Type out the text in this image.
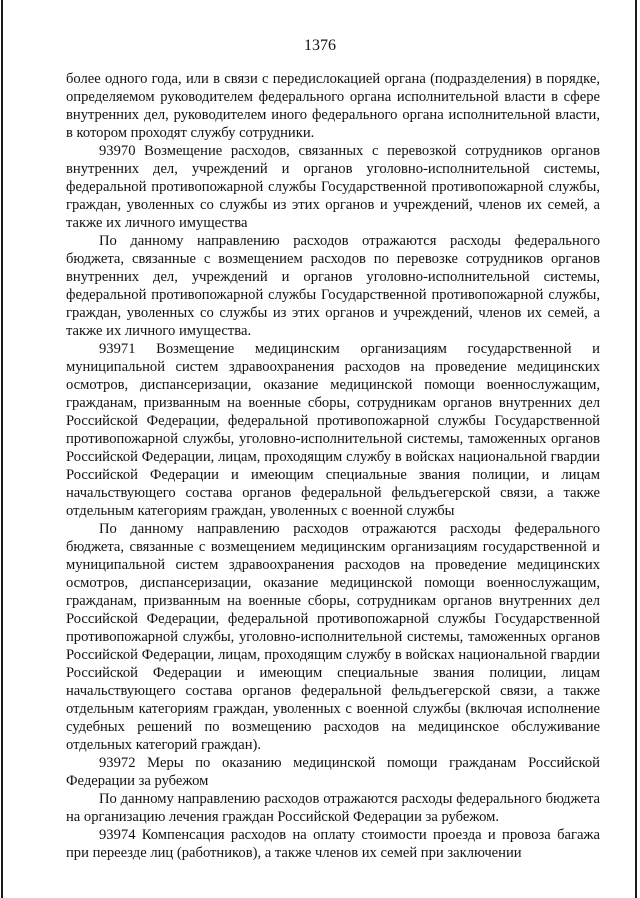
1376

более одного года, или в связи с передислокацией органа (подразделения) в порядке, определяемом руководителем федерального органа исполнительной власти в сфере внутренних дел, руководителем иного федерального органа исполнительной власти, в котором проходят службу сотрудники.

93970 Возмещение расходов, связанных с перевозкой сотрудников органов внутренних дел, учреждений и органов уголовно-исполнительной системы, федеральной противопожарной службы Государственной противопожарной службы, граждан, уволенных со службы из этих органов и учреждений, членов их семей, а также их личного имущества

По данному направлению расходов отражаются расходы федерального бюджета, связанные с возмещением расходов по перевозке сотрудников органов внутренних дел, учреждений и органов уголовно-исполнительной системы, федеральной противопожарной службы Государственной противопожарной службы, граждан, уволенных со службы из этих органов и учреждений, членов их семей, а также их личного имущества.

93971 Возмещение медицинским организациям государственной и муниципальной систем здравоохранения расходов на проведение медицинских осмотров, диспансеризации, оказание медицинской помощи военнослужащим, гражданам, призванным на военные сборы, сотрудникам органов внутренних дел Российской Федерации, федеральной противопожарной службы Государственной противопожарной службы, уголовно-исполнительной системы, таможенных органов Российской Федерации, лицам, проходящим службу в войсках национальной гвардии Российской Федерации и имеющим специальные звания полиции, и лицам начальствующего состава органов федеральной фельдъегерской связи, а также отдельным категориям граждан, уволенных с военной службы

По данному направлению расходов отражаются расходы федерального бюджета, связанные с возмещением медицинским организациям государственной и муниципальной систем здравоохранения расходов на проведение медицинских осмотров, диспансеризации, оказание медицинской помощи военнослужащим, гражданам, призванным на военные сборы, сотрудникам органов внутренних дел Российской Федерации, федеральной противопожарной службы Государственной противопожарной службы, уголовно-исполнительной системы, таможенных органов Российской Федерации, лицам, проходящим службу в войсках национальной гвардии Российской Федерации и имеющим специальные звания полиции, лицам начальствующего состава органов федеральной фельдъегерской связи, а также отдельным категориям граждан, уволенных с военной службы (включая исполнение судебных решений по возмещению расходов на медицинское обслуживание отдельных категорий граждан).

93972 Меры по оказанию медицинской помощи гражданам Российской Федерации за рубежом

По данному направлению расходов отражаются расходы федерального бюджета на организацию лечения граждан Российской Федерации за рубежом.

93974 Компенсация расходов на оплату стоимости проезда и провоза багажа при переезде лиц (работников), а также членов их семей при заключении
